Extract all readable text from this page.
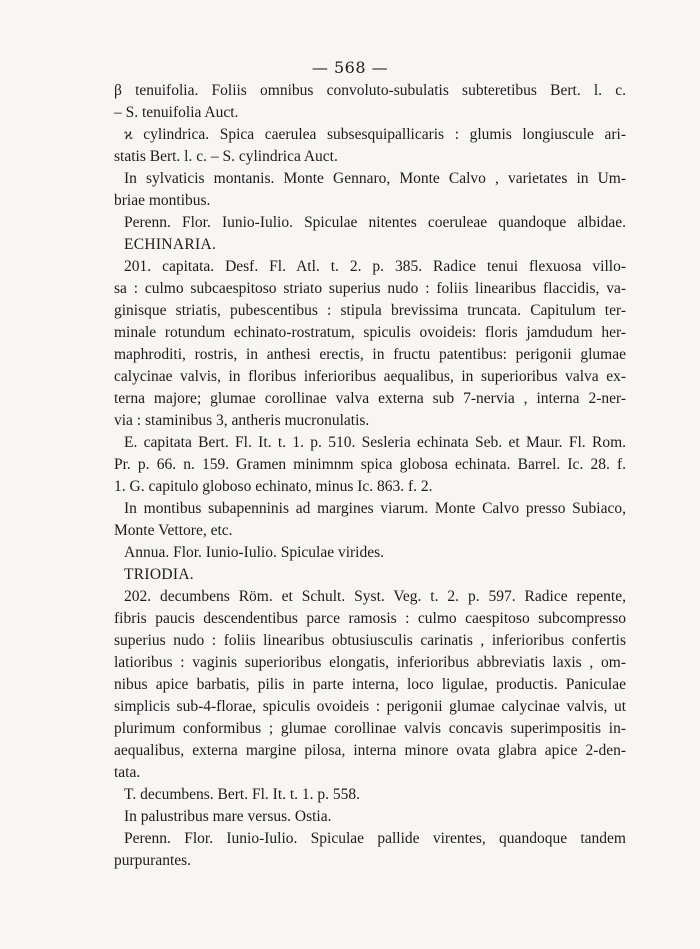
— 568 —
β tenuifolia. Foliis omnibus convoluto-subulatis subteretibus Bert. l. c.
– S. tenuifolia Auct.
ϰ cylindrica. Spica caerulea subsesquipallicaris : glumis longiuscule ari-
statis Bert. l. c. – S. cylindrica Auct.
In sylvaticis montanis. Monte Gennaro, Monte Calvo , varietates in Um-
briae montibus.
Perenn. Flor. Iunio-Iulio. Spiculae nitentes coeruleae quandoque albidae.
ECHINARIA.
201. capitata. Desf. Fl. Atl. t. 2. p. 385. Radice tenui flexuosa villo-
sa : culmo subcaespitoso striato superius nudo : foliis linearibus flaccidis, va-
ginisque striatis, pubescentibus : stipula brevissima truncata. Capitulum ter-
minale rotundum echinato-rostratum, spiculis ovoideis: floris jamdudum her-
maphroditi, rostris, in anthesi erectis, in fructu patentibus: perigonii glumae
calycinae valvis, in floribus inferioribus aequalibus, in superioribus valva ex-
terna majore; glumae corollinae valva externa sub 7-nervia , interna 2-ner-
via : staminibus 3, antheris mucronulatis.
E. capitata Bert. Fl. It. t. 1. p. 510. Sesleria echinata Seb. et Maur. Fl. Rom.
Pr. p. 66. n. 159. Gramen minimnm spica globosa echinata. Barrel. Ic. 28. f.
1. G. capitulo globoso echinato, minus Ic. 863. f. 2.
In montibus subapenninis ad margines viarum. Monte Calvo presso Subiaco,
Monte Vettore, etc.
Annua. Flor. Iunio-Iulio. Spiculae virides.
TRIODIA.
202. decumbens Röm. et Schult. Syst. Veg. t. 2. p. 597. Radice repente,
fibris paucis descendentibus parce ramosis : culmo caespitoso subcompresso
superius nudo : foliis linearibus obtusiusculis carinatis , inferioribus confertis
latioribus : vaginis superioribus elongatis, inferioribus abbreviatis laxis , om-
nibus apice barbatis, pilis in parte interna, loco ligulae, productis. Paniculae
simplicis sub-4-florae, spiculis ovoideis : perigonii glumae calycinae valvis, ut
plurimum conformibus ; glumae corollinae valvis concavis superimpositis in-
aequalibus, externa margine pilosa, interna minore ovata glabra apice 2-den-
tata.
T. decumbens. Bert. Fl. It. t. 1. p. 558.
In palustribus mare versus. Ostia.
Perenn. Flor. Iunio-Iulio. Spiculae pallide virentes, quandoque tandem
purpurantes.
